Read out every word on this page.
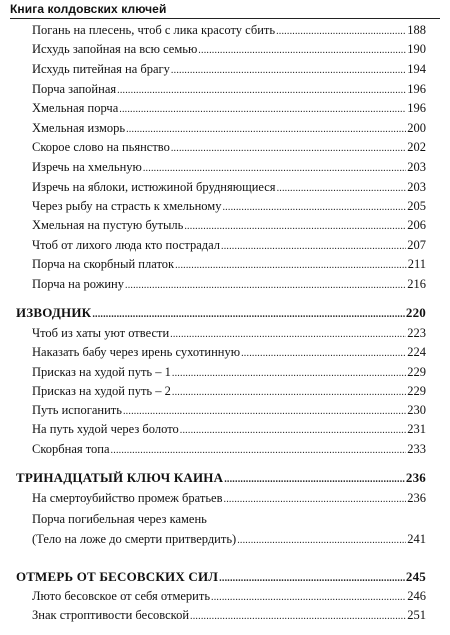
Книга колдовских ключей
Погань на плесень, чтоб с лика красоту сбить .....	188
Исхудь запойная на всю семью .....	190
Исхудь питейная на брагу .....	194
Порча запойная .....	196
Хмельная порча .....	196
Хмельная изморь .....	200
Скорое слово на пьянство .....	202
Изречь на хмельную .....	203
Изречь на яблоки, истюжиной брудняющиеся .....	203
Через рыбу на страсть к хмельному .....	205
Хмельная на пустую бутыль .....	206
Чтоб от лихого люда кто пострадал .....	207
Порча на скорбный платок .....	211
Порча на рожину .....	216
ИЗВОДНИК .....	220
Чтоб из хаты уют отвести .....	223
Наказать бабу через ирень сухотинную .....	224
Присказ на худой путь – 1 .....	229
Присказ на худой путь – 2 .....	229
Путь испоганить .....	230
На путь худой через болото .....	231
Скорбная топа .....	233
ТРИНАДЦАТЫЙ КЛЮЧ КАИНА .....	236
На смертоубийство промеж братьев .....	236
Порча погибельная через камень
(Тело на ложе до смерти притвердить) .....	241
ОТМЕРЬ ОТ БЕСОВСКИХ СИЛ .....	245
Люто бесовское от себя отмерить .....	246
Знак строптивости бесовской .....	251
